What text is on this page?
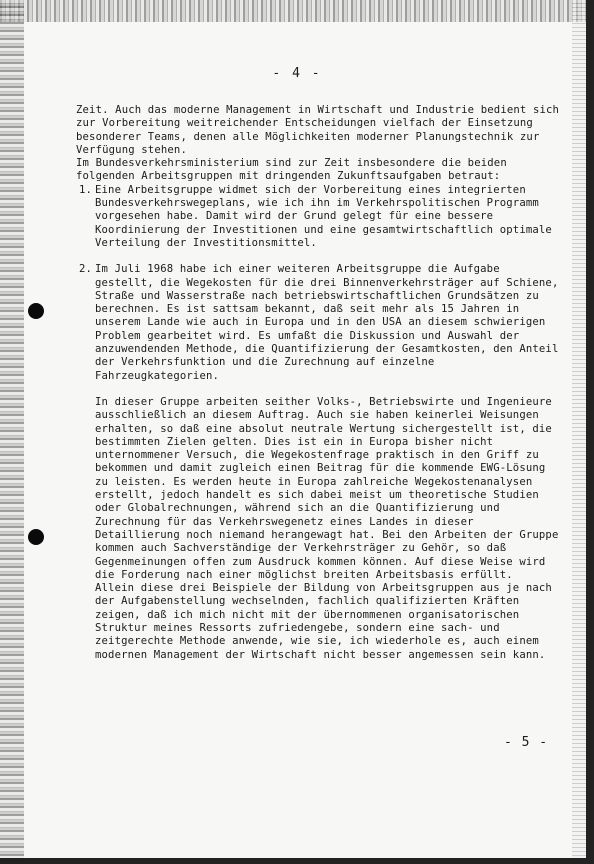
- 4 -

Zeit. Auch das moderne Management in Wirtschaft und Industrie bedient sich zur Vorbereitung weitreichender Entscheidungen vielfach der Einsetzung besonderer Teams, denen alle Möglichkeiten moderner Planungstechnik zur Verfügung stehen.

Im Bundesverkehrsministerium sind zur Zeit insbesondere die beiden folgenden Arbeitsgruppen mit dringenden Zukunftsaufgaben betraut:

1. Eine Arbeitsgruppe widmet sich der Vorbereitung eines integrierten Bundesverkehrswegeplans, wie ich ihn im Verkehrspolitischen Programm vorgesehen habe. Damit wird der Grund gelegt für eine bessere Koordinierung der Investitionen und eine gesamtwirtschaftlich optimale Verteilung der Investitionsmittel.

2. Im Juli 1968 habe ich einer weiteren Arbeitsgruppe die Aufgabe gestellt, die Wegekosten für die drei Binnenverkehrsträger auf Schiene, Straße und Wasserstraße nach betriebswirtschaftlichen Grundsätzen zu berechnen. Es ist sattsam bekannt, daß seit mehr als 15 Jahren in unserem Lande wie auch in Europa und in den USA an diesem schwierigen Problem gearbeitet wird. Es umfaßt die Diskussion und Auswahl der anzuwendenden Methode, die Quantifizierung der Gesamtkosten, den Anteil der Verkehrsfunktion und die Zurechnung auf einzelne Fahrzeugkategorien.

In dieser Gruppe arbeiten seither Volks-, Betriebswirte und Ingenieure ausschließlich an diesem Auftrag. Auch sie haben keinerlei Weisungen erhalten, so daß eine absolut neutrale Wertung sichergestellt ist, die bestimmten Zielen gelten. Dies ist ein in Europa bisher nicht unternommener Versuch, die Wegekostenfrage praktisch in den Griff zu bekommen und damit zugleich einen Beitrag für die kommende EWG-Lösung zu leisten. Es werden heute in Europa zahlreiche Wegekostenanalysen erstellt, jedoch handelt es sich dabei meist um theoretische Studien oder Globalrechnungen, während sich an die Quantifizierung und Zurechnung für das Verkehrswegenetz eines Landes in dieser Detaillierung noch niemand herangewagt hat. Bei den Arbeiten der Gruppe kommen auch Sachverständige der Verkehrsträger zu Gehör, so daß Gegenmeinungen offen zum Ausdruck kommen können. Auf diese Weise wird die Forderung nach einer möglichst breiten Arbeitsbasis erfüllt.

Allein diese drei Beispiele der Bildung von Arbeitsgruppen aus je nach der Aufgabenstellung wechselnden, fachlich qualifizierten Kräften zeigen, daß ich mich nicht mit der übernommenen organisatorischen Struktur meines Ressorts zufriedengebe, sondern eine sach- und zeitgerechte Methode anwende, wie sie, ich wiederhole es, auch einem modernen Management der Wirtschaft nicht besser angemessen sein kann.

- 5 -
